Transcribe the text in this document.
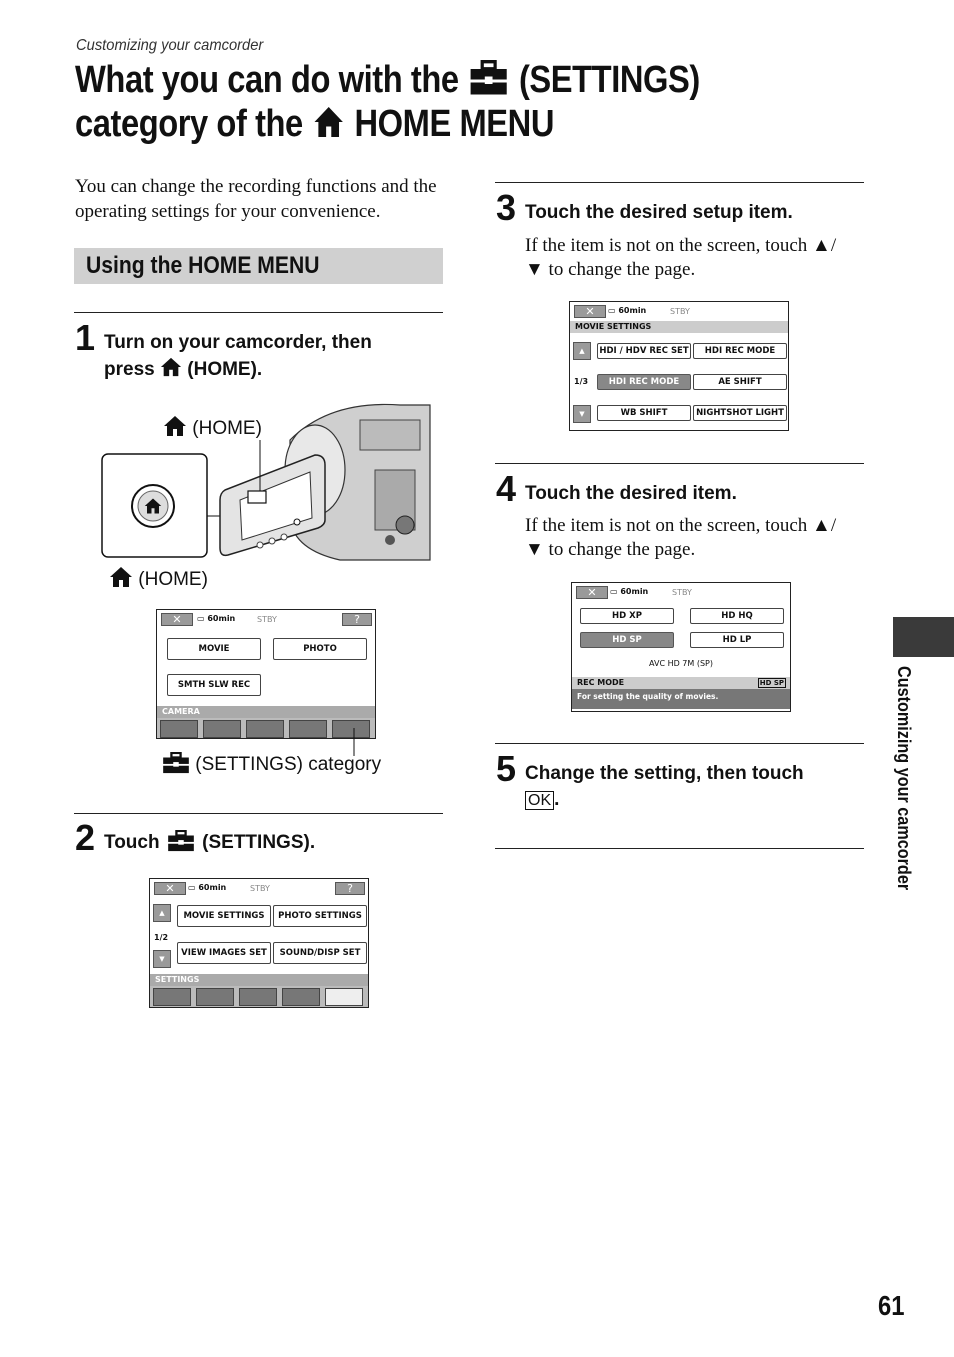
Customizing your camcorder
What you can do with the (SETTINGS)
category of the HOME MENU
You can change the recording functions and the operating settings for your convenience.
Using the HOME MENU
1 Turn on your camcorder, then
press (HOME).
(HOME)
(HOME)
✕	▭ 60min	STBY	?
MOVIE	PHOTO
SMTH SLW REC
CAMERA
(SETTINGS) category
2 Touch (SETTINGS).
✕	▭ 60min	STBY	?
▲
1/2
▼
MOVIE SETTINGS	PHOTO SETTINGS
VIEW IMAGES SET	SOUND/DISP SET
SETTINGS
3 Touch the desired setup item.
If the item is not on the screen, touch ▲/
▼ to change the page.
✕	▭ 60min	STBY
MOVIE SETTINGS
▲
1/3
▼
HDI / HDV REC SET	HDI REC MODE
HDI REC MODE	AE SHIFT
WB SHIFT	NIGHTSHOT LIGHT
4 Touch the desired item.
If the item is not on the screen, touch ▲/
▼ to change the page.
✕	▭ 60min	STBY
HD XP	HD HQ
HD SP	HD LP
AVC HD 7M (SP)
REC MODE	HD SP
For setting the quality of movies.
5 Change the setting, then touch
OK .	Customizing your camcorder
61
